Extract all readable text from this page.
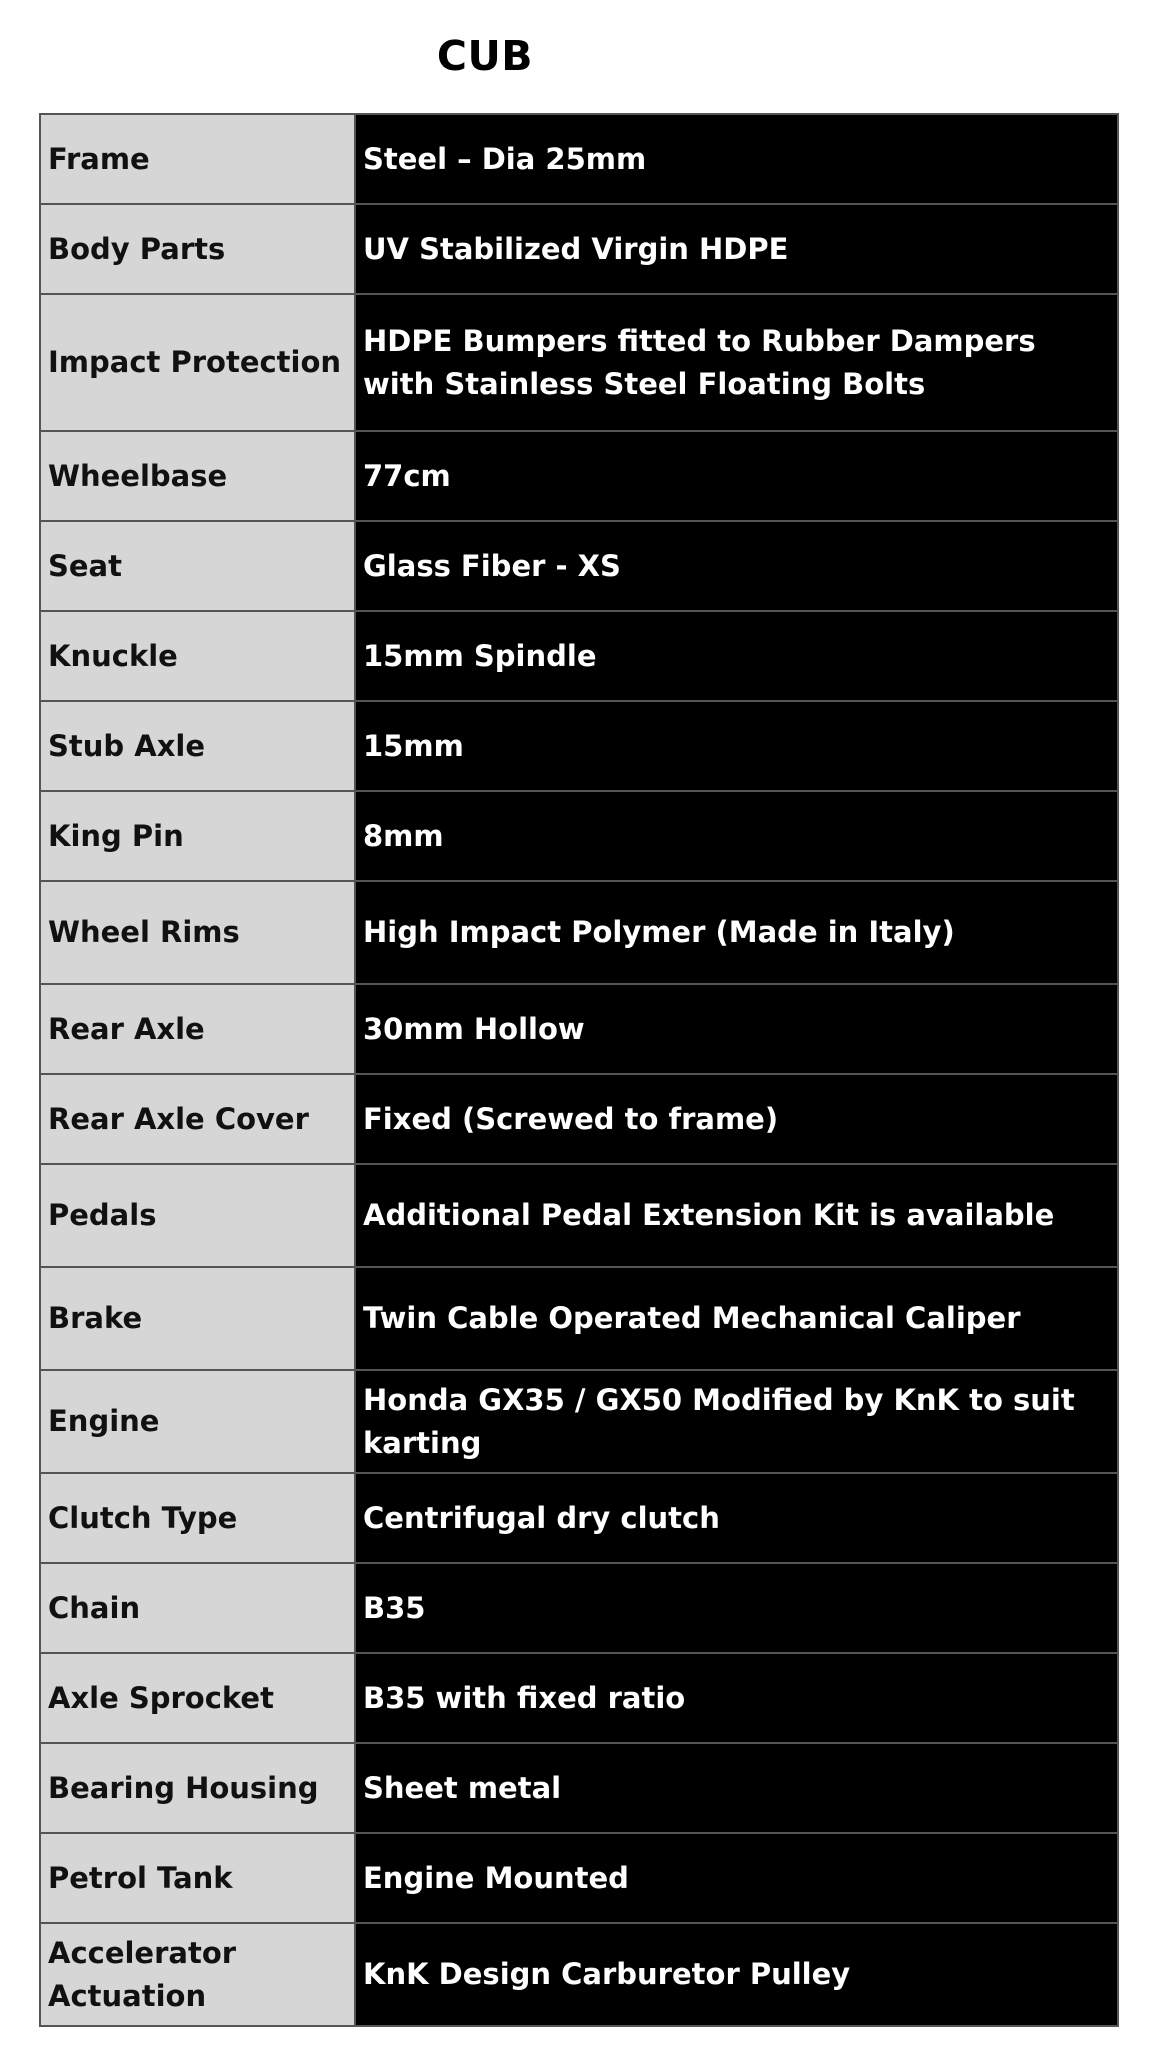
CUB
Frame	Steel – Dia 25mm
Body Parts	UV Stabilized Virgin HDPE
Impact Protection	HDPE Bumpers fitted to Rubber Dampers with Stainless Steel Floating Bolts
Wheelbase	77cm
Seat	Glass Fiber - XS
Knuckle	15mm Spindle
Stub Axle	15mm
King Pin	8mm
Wheel Rims	High Impact Polymer (Made in Italy)
Rear Axle	30mm Hollow
Rear Axle Cover	Fixed (Screwed to frame)
Pedals	Additional Pedal Extension Kit is available
Brake	Twin Cable Operated Mechanical Caliper
Engine	Honda GX35 / GX50 Modified by KnK to suit karting
Clutch Type	Centrifugal dry clutch
Chain	B35
Axle Sprocket	B35 with fixed ratio
Bearing Housing	Sheet metal
Petrol Tank	Engine Mounted
Accelerator Actuation	KnK Design Carburetor Pulley
